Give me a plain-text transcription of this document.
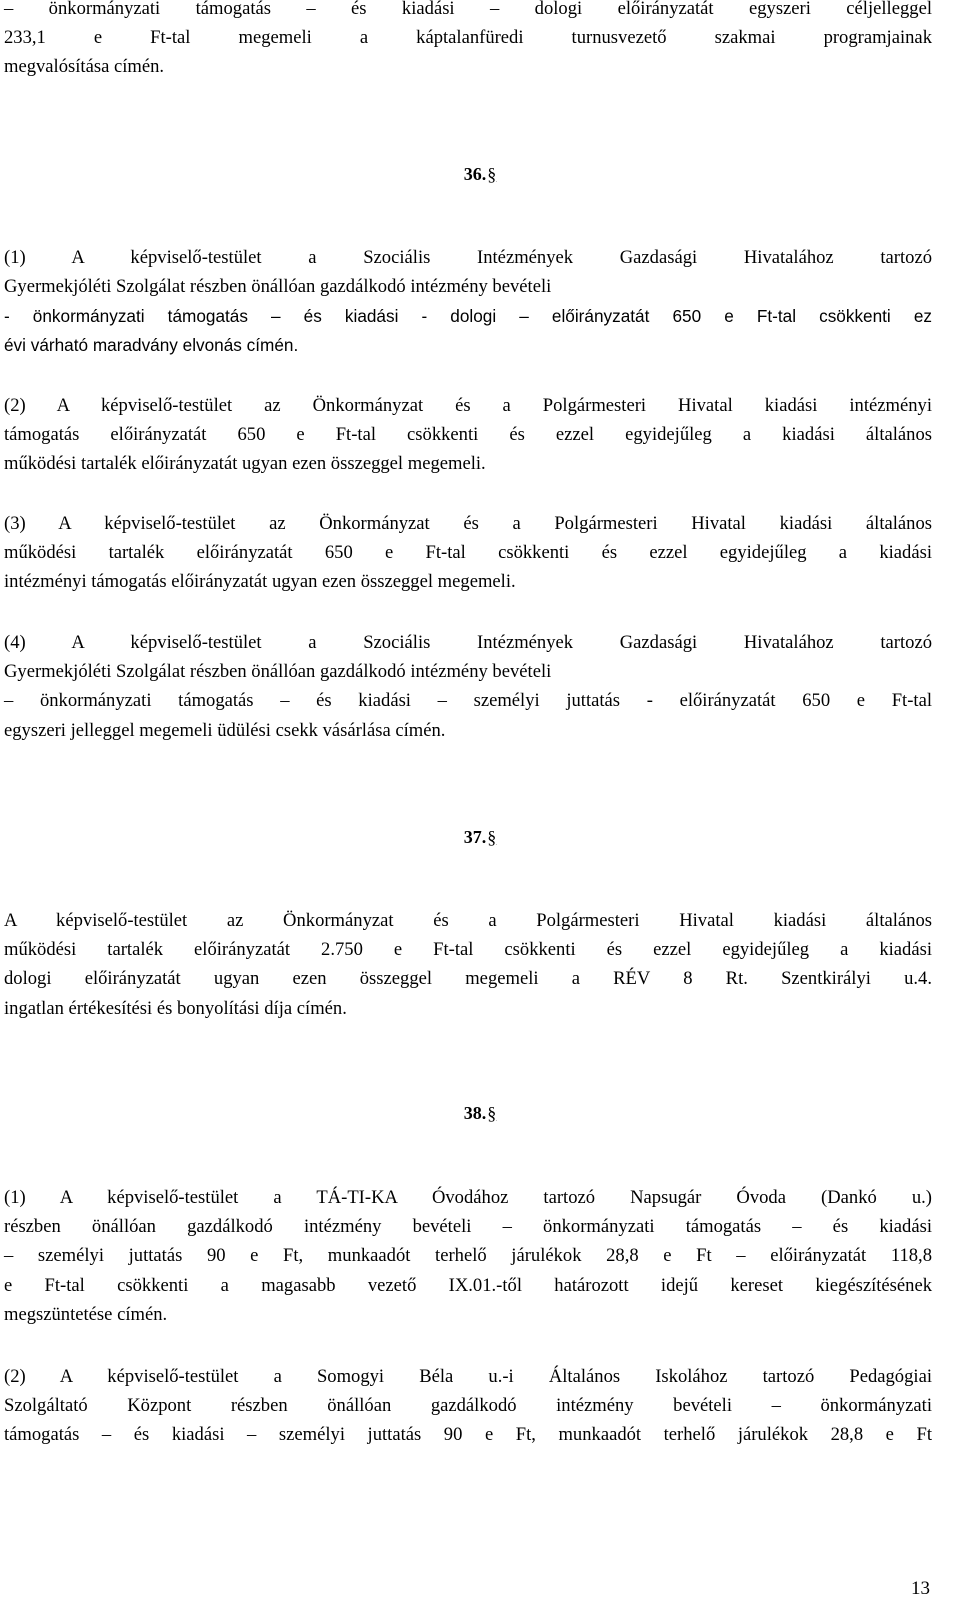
– önkormányzati támogatás – és kiadási – dologi előirányzatát egyszeri céljelleggel
233,1 e Ft-tal megemeli a káptalanfüredi turnusvezető szakmai programjainak
megvalósítása címén.
36.§
(1) A képviselő-testület a Szociális Intézmények Gazdasági Hivatalához tartozó
Gyermekjóléti Szolgálat részben önállóan gazdálkodó intézmény bevételi
- önkormányzati támogatás – és kiadási - dologi – előirányzatát 650 e Ft-tal csökkenti ez
évi várható maradvány elvonás címén.
(2) A képviselő-testület az Önkormányzat és a Polgármesteri Hivatal kiadási intézményi
támogatás előirányzatát 650 e Ft-tal csökkenti és ezzel egyidejűleg a kiadási általános
működési tartalék előirányzatát ugyan ezen összeggel megemeli.
(3) A képviselő-testület az Önkormányzat és a Polgármesteri Hivatal kiadási általános
működési tartalék előirányzatát 650 e Ft-tal csökkenti és ezzel egyidejűleg a kiadási
intézményi támogatás előirányzatát ugyan ezen összeggel megemeli.
(4) A képviselő-testület a Szociális Intézmények Gazdasági Hivatalához tartozó
Gyermekjóléti Szolgálat részben önállóan gazdálkodó intézmény bevételi
– önkormányzati támogatás – és kiadási – személyi juttatás - előirányzatát 650 e Ft-tal
egyszeri jelleggel megemeli üdülési csekk vásárlása címén.
37.§
A képviselő-testület az Önkormányzat és a Polgármesteri Hivatal kiadási általános
működési tartalék előirányzatát 2.750 e Ft-tal csökkenti és ezzel egyidejűleg a kiadási
dologi előirányzatát ugyan ezen összeggel megemeli a RÉV 8 Rt. Szentkirályi u.4.
ingatlan értékesítési és bonyolítási díja címén.
38.§
(1) A képviselő-testület a TÁ-TI-KA Óvodához tartozó Napsugár Óvoda (Dankó u.)
részben önállóan gazdálkodó intézmény bevételi – önkormányzati támogatás – és kiadási
– személyi juttatás 90 e Ft, munkaadót terhelő járulékok 28,8 e Ft – előirányzatát 118,8
e Ft-tal csökkenti a magasabb vezető IX.01.-től határozott idejű kereset kiegészítésének
megszüntetése címén.
(2) A képviselő-testület a Somogyi Béla u.-i Általános Iskolához tartozó Pedagógiai
Szolgáltató Központ részben önállóan gazdálkodó intézmény bevételi – önkormányzati
támogatás – és kiadási – személyi juttatás 90 e Ft, munkaadót terhelő járulékok 28,8 e Ft
13
